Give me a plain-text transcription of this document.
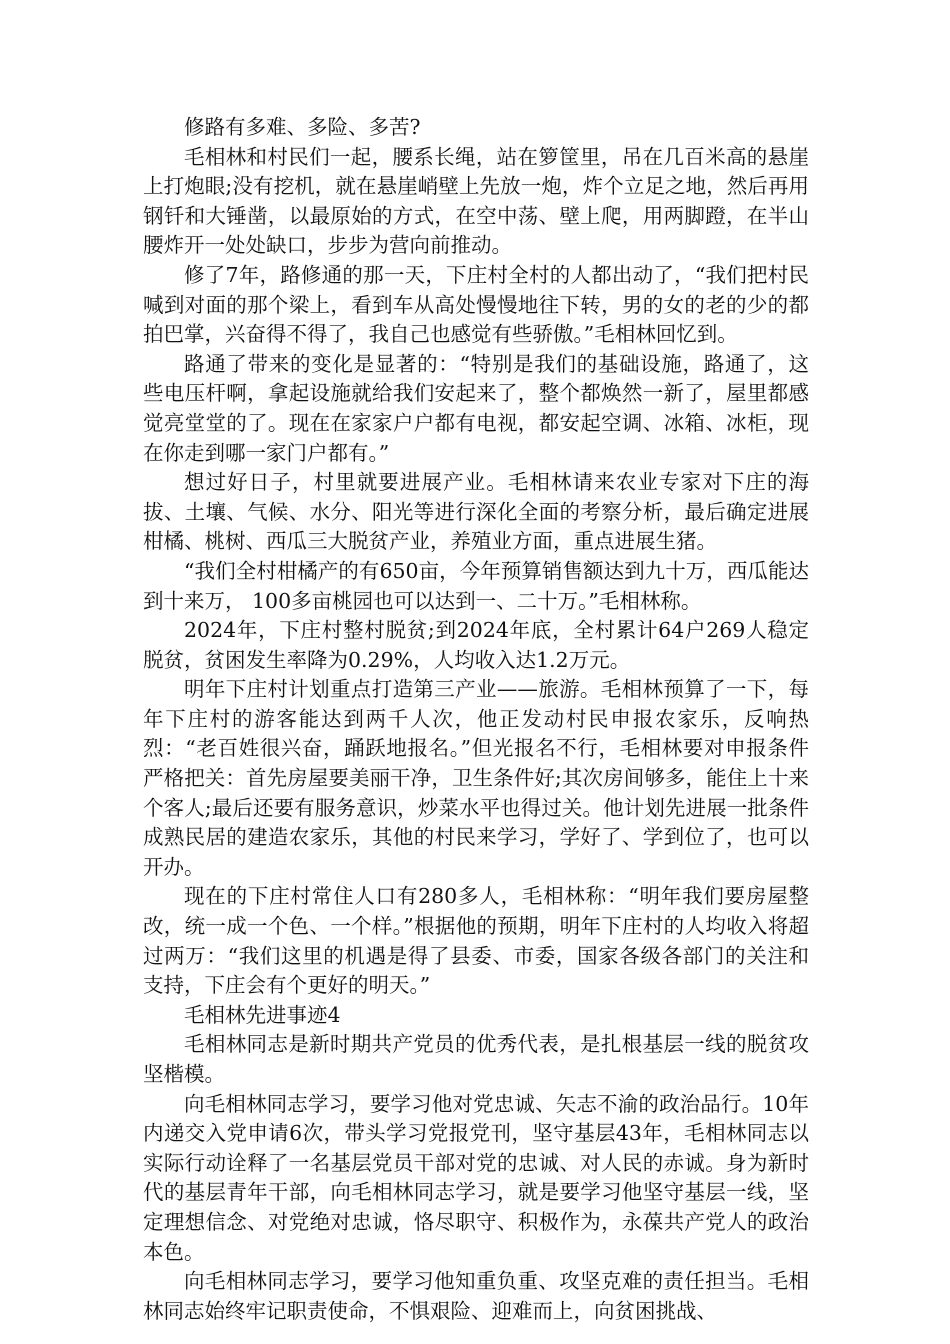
修路有多难、多险、多苦?

毛相林和村民们一起，腰系长绳，站在箩筐里，吊在几百米高的悬崖上打炮眼;没有挖机，就在悬崖峭壁上先放一炮，炸个立足之地，然后再用钢钎和大锤凿，以最原始的方式，在空中荡、壁上爬，用两脚蹬，在半山腰炸开一处处缺口，步步为营向前推动。

修了7年，路修通的那一天，下庄村全村的人都出动了，“我们把村民喊到对面的那个梁上，看到车从高处慢慢地往下转，男的女的老的少的都拍巴掌，兴奋得不得了，我自己也感觉有些骄傲。”毛相林回忆到。

路通了带来的变化是显著的：“特别是我们的基础设施，路通了，这些电压杆啊，拿起设施就给我们安起来了，整个都焕然一新了，屋里都感觉亮堂堂的了。现在在家家户户都有电视，都安起空调、冰箱、冰柜，现在你走到哪一家门户都有。”

想过好日子，村里就要进展产业。毛相林请来农业专家对下庄的海拔、土壤、气候、水分、阳光等进行深化全面的考察分析，最后确定进展柑橘、桃树、西瓜三大脱贫产业，养殖业方面，重点进展生猪。

“我们全村柑橘产的有650亩，今年预算销售额达到九十万，西瓜能达到十来万， 100多亩桃园也可以达到一、二十万。”毛相林称。

2024年，下庄村整村脱贫;到2024年底，全村累计64户269人稳定脱贫，贫困发生率降为0.29%，人均收入达1.2万元。

明年下庄村计划重点打造第三产业——旅游。毛相林预算了一下，每年下庄村的游客能达到两千人次，他正发动村民申报农家乐，反响热烈：“老百姓很兴奋，踊跃地报名。”但光报名不行，毛相林要对申报条件严格把关：首先房屋要美丽干净，卫生条件好;其次房间够多，能住上十来个客人;最后还要有服务意识，炒菜水平也得过关。他计划先进展一批条件成熟民居的建造农家乐，其他的村民来学习，学好了、学到位了，也可以开办。

现在的下庄村常住人口有280多人，毛相林称：“明年我们要房屋整改，统一成一个色、一个样。”根据他的预期，明年下庄村的人均收入将超过两万：“我们这里的机遇是得了县委、市委，国家各级各部门的关注和支持，下庄会有个更好的明天。”

毛相林先进事迹4

毛相林同志是新时期共产党员的优秀代表，是扎根基层一线的脱贫攻坚楷模。

向毛相林同志学习，要学习他对党忠诚、矢志不渝的政治品行。10年内递交入党申请6次，带头学习党报党刊，坚守基层43年，毛相林同志以实际行动诠释了一名基层党员干部对党的忠诚、对人民的赤诚。身为新时代的基层青年干部，向毛相林同志学习，就是要学习他坚守基层一线，坚定理想信念、对党绝对忠诚，恪尽职守、积极作为，永葆共产党人的政治本色。

向毛相林同志学习，要学习他知重负重、攻坚克难的责任担当。毛相林同志始终牢记职责使命，不惧艰险、迎难而上，向贫困挑战、
